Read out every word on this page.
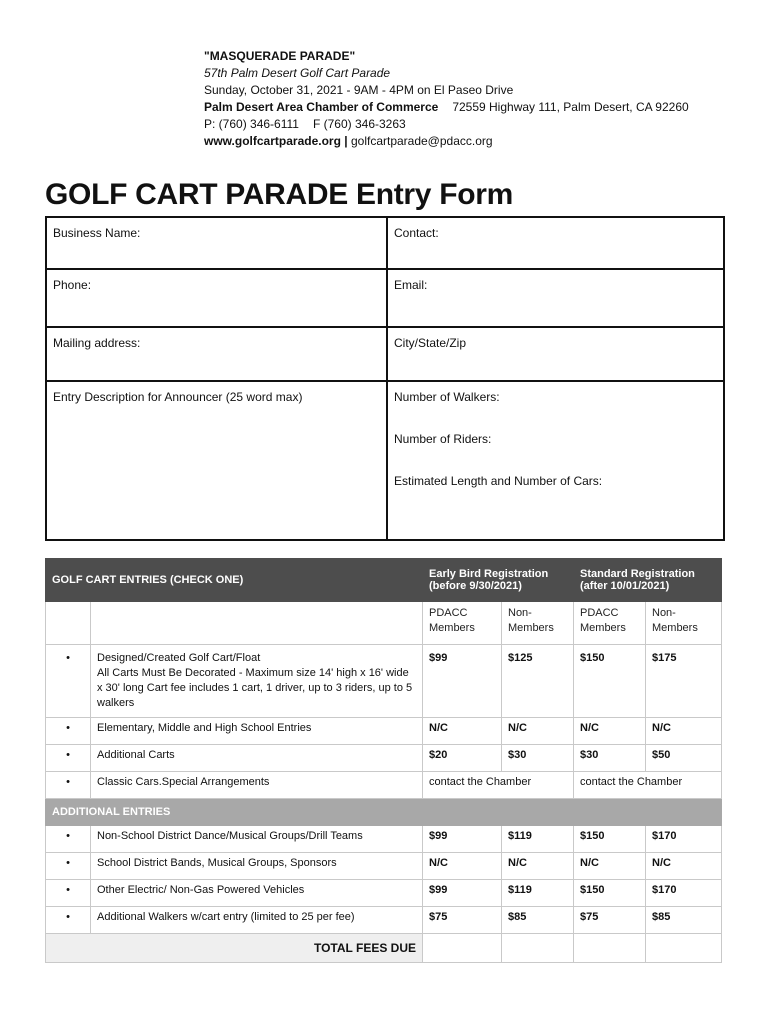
"MASQUERADE PARADE"
57th Palm Desert Golf Cart Parade
Sunday, October 31, 2021 - 9AM - 4PM on El Paseo Drive
Palm Desert Area Chamber of Commerce 72559 Highway 111, Palm Desert, CA 92260
P: (760) 346-6111 F (760) 346-3263
www.golfcartparade.org | golfcartparade@pdacc.org
GOLF CART PARADE Entry Form
Business Name:	Contact:
Phone:	Email:
Mailing address:	City/State/Zip
Entry Description for Announcer (25 word max)	Number of Walkers:
Number of Riders:
Estimated Length and Number of Cars:
GOLF CART ENTRIES (CHECK ONE)		Early Bird Registration (before 9/30/2021)		Standard Registration (after 10/01/2021)	
		PDACC Members	Non-Members	PDACC Members	Non-Members
•	Designed/Created Golf Cart/Float
All Carts Must Be Decorated - Maximum size 14' high x 16' wide x 30' long Cart fee includes 1 cart, 1 driver, up to 3 riders, up to 5 walkers	$99	$125	$150	$175
•	Elementary, Middle and High School Entries	N/C	N/C	N/C	N/C
•	Additional Carts	$20	$30	$30	$50
•	Classic Cars.Special Arrangements	contact the Chamber		contact the Chamber	
ADDITIONAL ENTRIES					
•	Non-School District Dance/Musical Groups/Drill Teams	$99	$119	$150	$170
•	School District Bands, Musical Groups, Sponsors	N/C	N/C	N/C	N/C
•	Other Electric/ Non-Gas Powered Vehicles	$99	$119	$150	$170
•	Additional Walkers w/cart entry (limited to 25 per fee)	$75	$85	$75	$85
TOTAL FEES DUE					
